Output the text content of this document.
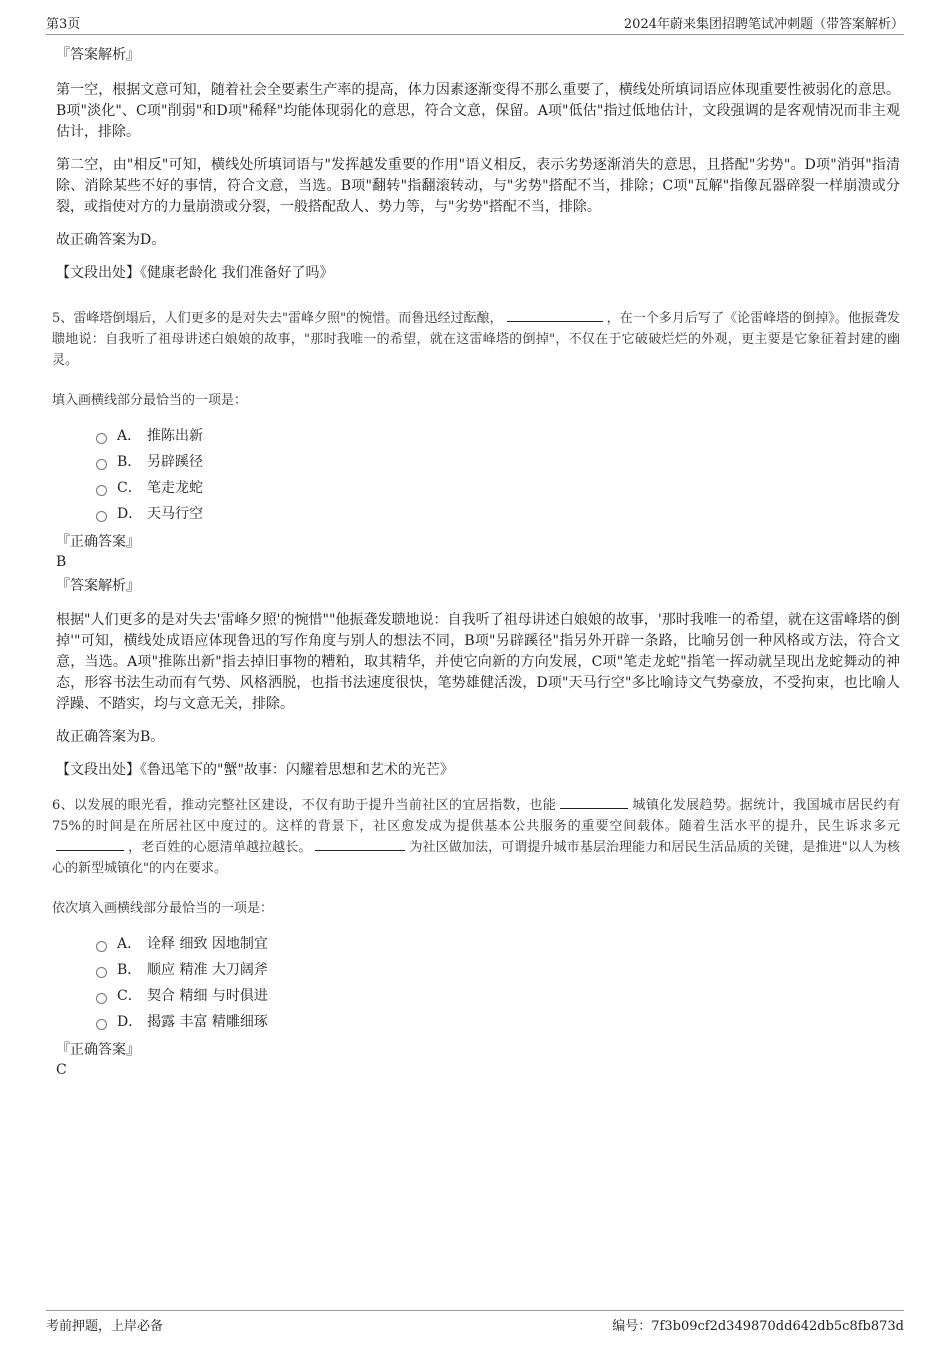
第3页	2024年蔚来集团招聘笔试冲刺题（带答案解析）

『答案解析』

第一空，根据文意可知，随着社会全要素生产率的提高，体力因素逐渐变得不那么重要了，横线处所填词语应体现重要性被弱化的意思。B项"淡化"、C项"削弱"和D项"稀释"均能体现弱化的意思，符合文意，保留。A项"低估"指过低地估计，文段强调的是客观情况而非主观估计，排除。

第二空，由"相反"可知，横线处所填词语与"发挥越发重要的作用"语义相反，表示劣势逐渐消失的意思，且搭配"劣势"。D项"消弭"指清除、消除某些不好的事情，符合文意，当选。B项"翻转"指翻滚转动，与"劣势"搭配不当，排除；C项"瓦解"指像瓦器碎裂一样崩溃或分裂，或指使对方的力量崩溃或分裂，一般搭配敌人、势力等，与"劣势"搭配不当，排除。

故正确答案为D。

【文段出处】《健康老龄化 我们准备好了吗》

5、雷峰塔倒塌后，人们更多的是对失去"雷峰夕照"的惋惜。而鲁迅经过酝酿，	，在一个多月后写了《论雷峰塔的倒掉》。他振聋发聩地说：自我听了祖母讲述白娘娘的故事，"那时我唯一的希望，就在这雷峰塔的倒掉"，不仅在于它破破烂烂的外观，更主要是它象征着封建的幽灵。

填入画横线部分最恰当的一项是：

A． 推陈出新
B． 另辟蹊径
C． 笔走龙蛇
D． 天马行空

『正确答案』

B

『答案解析』

根据"人们更多的是对失去'雷峰夕照'的惋惜""他振聋发聩地说：自我听了祖母讲述白娘娘的故事，'那时我唯一的希望，就在这雷峰塔的倒掉'"可知，横线处成语应体现鲁迅的写作角度与别人的想法不同，B项"另辟蹊径"指另外开辟一条路，比喻另创一种风格或方法，符合文意，当选。A项"推陈出新"指去掉旧事物的糟粕，取其精华，并使它向新的方向发展，C项"笔走龙蛇"指笔一挥动就呈现出龙蛇舞动的神态，形容书法生动而有气势、风格洒脱，也指书法速度很快，笔势雄健活泼，D项"天马行空"多比喻诗文气势豪放，不受拘束，也比喻人浮躁、不踏实，均与文意无关，排除。

故正确答案为B。

【文段出处】《鲁迅笔下的"蟹"故事：闪耀着思想和艺术的光芒》

6、以发展的眼光看，推动完整社区建设，不仅有助于提升当前社区的宜居指数，也能	城镇化发展趋势。据统计，我国城市居民约有75%的时间是在所居社区中度过的。这样的背景下，社区愈发成为提供基本公共服务的重要空间载体。随着生活水平的提升，民生诉求多元，老百姓的心愿清单越拉越长。	为社区做加法，可谓提升城市基层治理能力和居民生活品质的关键，是推进"以人为核心的新型城镇化"的内在要求。

依次填入画横线部分最恰当的一项是：

A． 诠释 细致 因地制宜
B． 顺应 精准 大刀阔斧
C． 契合 精细 与时俱进
D． 揭露 丰富 精雕细琢

『正确答案』

C

考前押题，上岸必备	编号：7f3b09cf2d349870dd642db5c8fb873d
